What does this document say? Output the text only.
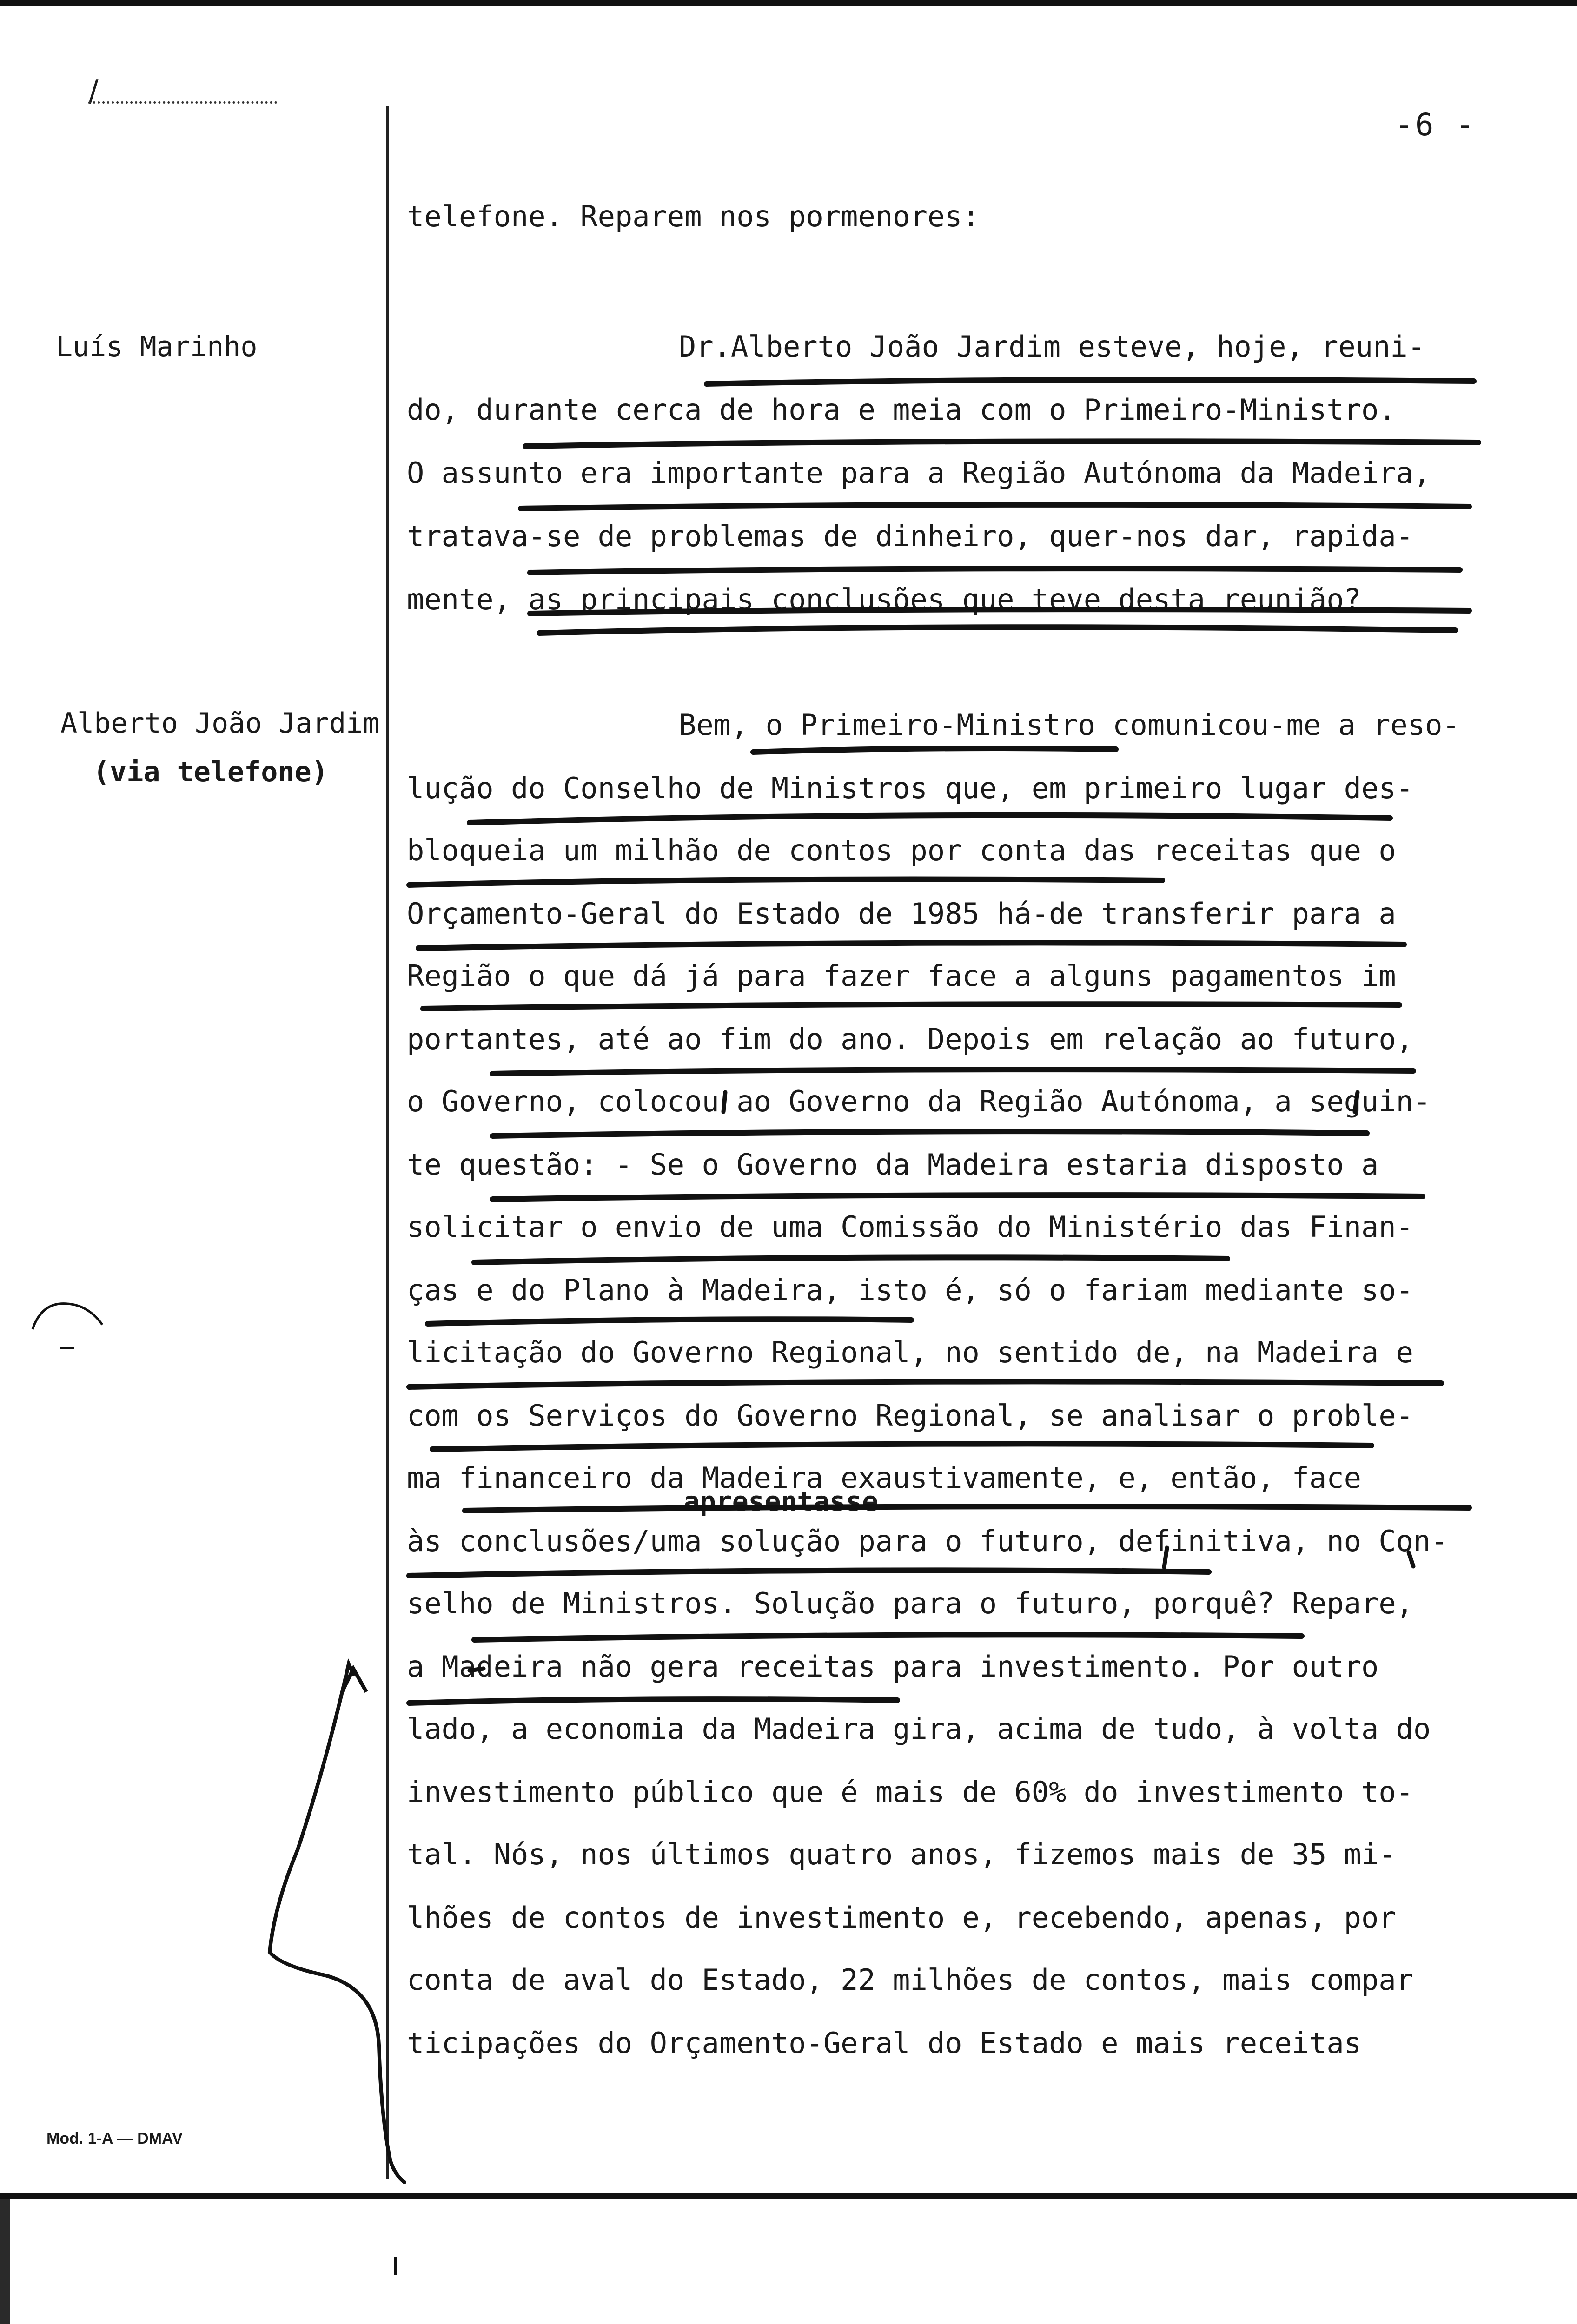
/
-6 -
Luís Marinho
Alberto João Jardim
(via telefone)
telefone. Reparem nos pormenores:
Dr.Alberto João Jardim esteve, hoje, reuni-
do, durante cerca de hora e meia com o Primeiro-Ministro.
O assunto era importante para a Região Autónoma da Madeira,
tratava-se de problemas de dinheiro, quer-nos dar, rapida-
mente, as principais conclusões que teve desta reunião?
Bem, o Primeiro-Ministro comunicou-me a reso-
lução do Conselho de Ministros que, em primeiro lugar des-
bloqueia um milhão de contos por conta das receitas que o
Orçamento-Geral do Estado de 1985 há-de transferir para a
Região o que dá já para fazer face a alguns pagamentos im
portantes, até ao fim do ano. Depois em relação ao futuro,
o Governo, colocou ao Governo da Região Autónoma, a seguin-
te questão: - Se o Governo da Madeira estaria disposto a
solicitar o envio de uma Comissão do Ministério das Finan-
ças e do Plano à Madeira, isto é, só o fariam mediante so-
licitação do Governo Regional, no sentido de, na Madeira e
com os Serviços do Governo Regional, se analisar o proble-
ma financeiro da Madeira exaustivamente, e, então, face
apresentasse
às conclusões/uma solução para o futuro, definitiva, no Con-
selho de Ministros. Solução para o futuro, porquê? Repare,
a Madeira não gera receitas para investimento. Por outro
lado, a economia da Madeira gira, acima de tudo, à volta do
investimento público que é mais de 60% do investimento to-
tal. Nós, nos últimos quatro anos, fizemos mais de 35 mi-
lhões de contos de investimento e, recebendo, apenas, por
conta de aval do Estado, 22 milhões de contos, mais compar
ticipações do Orçamento-Geral do Estado e mais receitas
Mod. 1-A — DMAV
